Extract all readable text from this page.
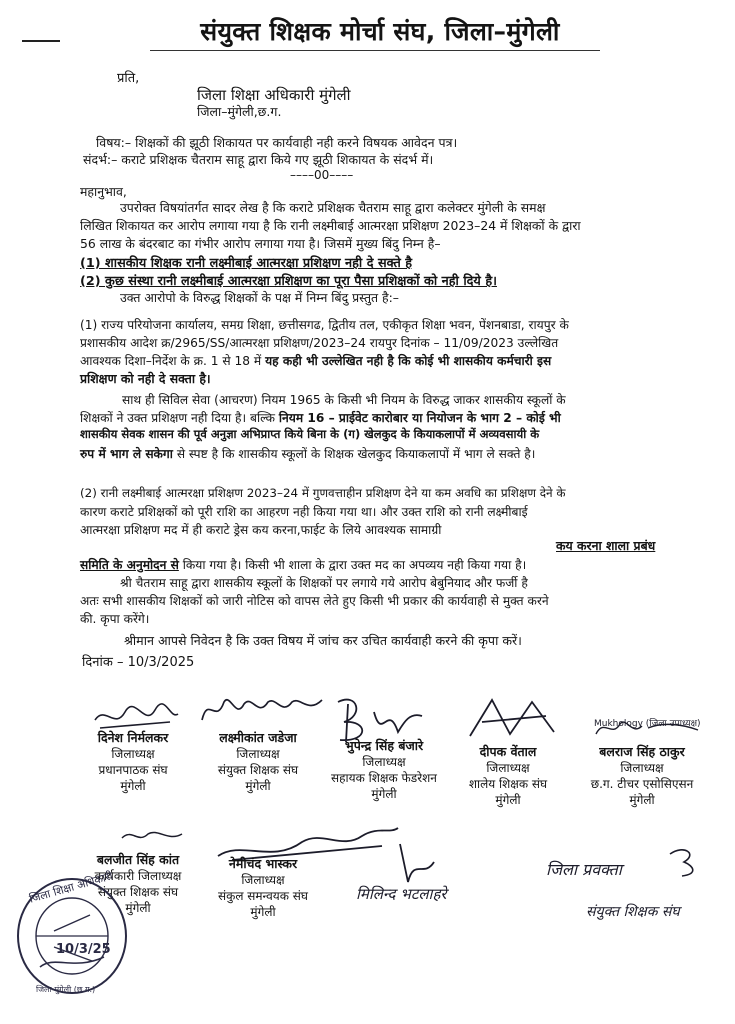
संयुक्त शिक्षक मोर्चा संघ, जिला–मुंगेली
प्रति,
जिला शिक्षा अधिकारी मुंगेली
जिला–मुंगेली,छ.ग.
विषय:– शिक्षकों की झूठी शिकायत पर कार्यवाही नही करने विषयक आवेदन पत्र।
संदर्भ:– कराटे प्रशिक्षक चैतराम साहू द्वारा किये गए झूठी शिकायत के संदर्भ में।
––––00––––
महानुभाव,
उपरोक्त विषयांतर्गत सादर लेख है कि कराटे प्रशिक्षक चैतराम साहू द्वारा कलेक्टर मुंगेली के समक्ष
लिखित शिकायत कर आरोप लगाया गया है कि रानी लक्ष्मीबाई आत्मरक्षा प्रशिक्षण 2023–24 में शिक्षकों के द्वारा
56 लाख के बंदरबाट का गंभीर आरोप लगाया गया है। जिसमें मुख्य बिंदु निम्न है–
(1) शासकीय शिक्षक रानी लक्ष्मीबाई आत्मरक्षा प्रशिक्षण नही दे सक्ते है
(2) कुछ संस्था रानी लक्ष्मीबाई आत्मरक्षा प्रशिक्षण का पूरा पैसा प्रशिक्षकों को नही दिये है।
उक्त आरोपो के विरुद्ध शिक्षकों के पक्ष में निम्न बिंदु प्रस्तुत है:–
(1) राज्य परियोजना कार्यालय, समग्र शिक्षा, छत्तीसगढ, द्वितीय तल, एकीकृत शिक्षा भवन, पेंशनबाडा, रायपुर के
प्रशासकीय आदेश क्र/2965/SS/आत्मरक्षा प्रशिक्षण/2023–24 रायपुर दिनांक – 11/09/2023 उल्लेखित
आवश्यक दिशा–निर्देश के क्र. 1 से 18 में यह कही भी उल्लेखित नही है कि कोई भी शासकीय कर्मचारी इस
प्रशिक्षण को नही दे सक्ता है।
साथ ही सिविल सेवा (आचरण) नियम 1965 के किसी भी नियम के विरुद्ध जाकर शासकीय स्कूलों के
शिक्षकों ने उक्त प्रशिक्षण नही दिया है। बल्कि नियम 16 – प्राईवेट कारोबार या नियोजन के भाग 2 – कोई भी
शासकीय सेवक शासन की पूर्व अनुज्ञा अभिप्राप्त किये बिना के (ग) खेलकुद के कियाकलापों में अव्यवसायी के
रुप में भाग ले सकेगा से स्पष्ट है कि शासकीय स्कूलों के शिक्षक खेलकुद कियाकलापों में भाग ले सक्ते है।
(2) रानी लक्ष्मीबाई आत्मरक्षा प्रशिक्षण 2023–24 में गुणवत्ताहीन प्रशिक्षण देने या कम अवधि का प्रशिक्षण देने के
कारण कराटे प्रशिक्षकों को पूरी राशि का आहरण नही किया गया था। और उक्त राशि को रानी लक्ष्मीबाई
आत्मरक्षा प्रशिक्षण मद में ही कराटे ड्रेस कय करना,फाईट के लिये आवश्यक सामाग्री
कय करना शाला प्रबंध
समिति के अनुमोदन से किया गया है। किसी भी शाला के द्वारा उक्त मद का अपव्यय नही किया गया है।
श्री चैतराम साहू द्वारा शासकीय स्कूलों के शिक्षकों पर लगाये गये आरोप बेबुनियाद और फर्जी है
अतः सभी शासकीय शिक्षकों को जारी नोटिस को वापस लेते हुए किसी भी प्रकार की कार्यवाही से मुक्त करने
की. कृपा करेंगे।
श्रीमान आपसे निवेदन है कि उक्त विषय में जांच कर उचित कार्यवाही करने की कृपा करें।
दिनांक – 10/3/2025
Mukhology (जिला उपाध्यक्ष)
दिनेश निर्मलकर
जिलाध्यक्ष
प्रधानपाठक संघ
मुंगेली
लक्ष्मीकांत जडेजा
जिलाध्यक्ष
संयुक्त शिक्षक संघ
मुंगेली
भुपेन्द्र सिंह बंजारे
जिलाध्यक्ष
सहायक शिक्षक फेडरेशन
मुंगेली
दीपक वेंताल
जिलाध्यक्ष
शालेय शिक्षक संघ
मुंगेली
बलराज सिंह ठाकुर
जिलाध्यक्ष
छ.ग. टीचर एसोसिएसन
मुंगेली
बलजीत सिंह कांत
कार्यकारी जिलाध्यक्ष
संयुक्त शिक्षक संघ
मुंगेली
नेमीचंद भास्कर
जिलाध्यक्ष
संकुल समन्वयक संघ
मुंगेली
मिलिन्द भटलाहरे
जिला प्रवक्ता
संयुक्त शिक्षक संघ
जिला शिक्षा अधिकारी
10/3/25
जिला-मुंगेली (छ.ग.)
